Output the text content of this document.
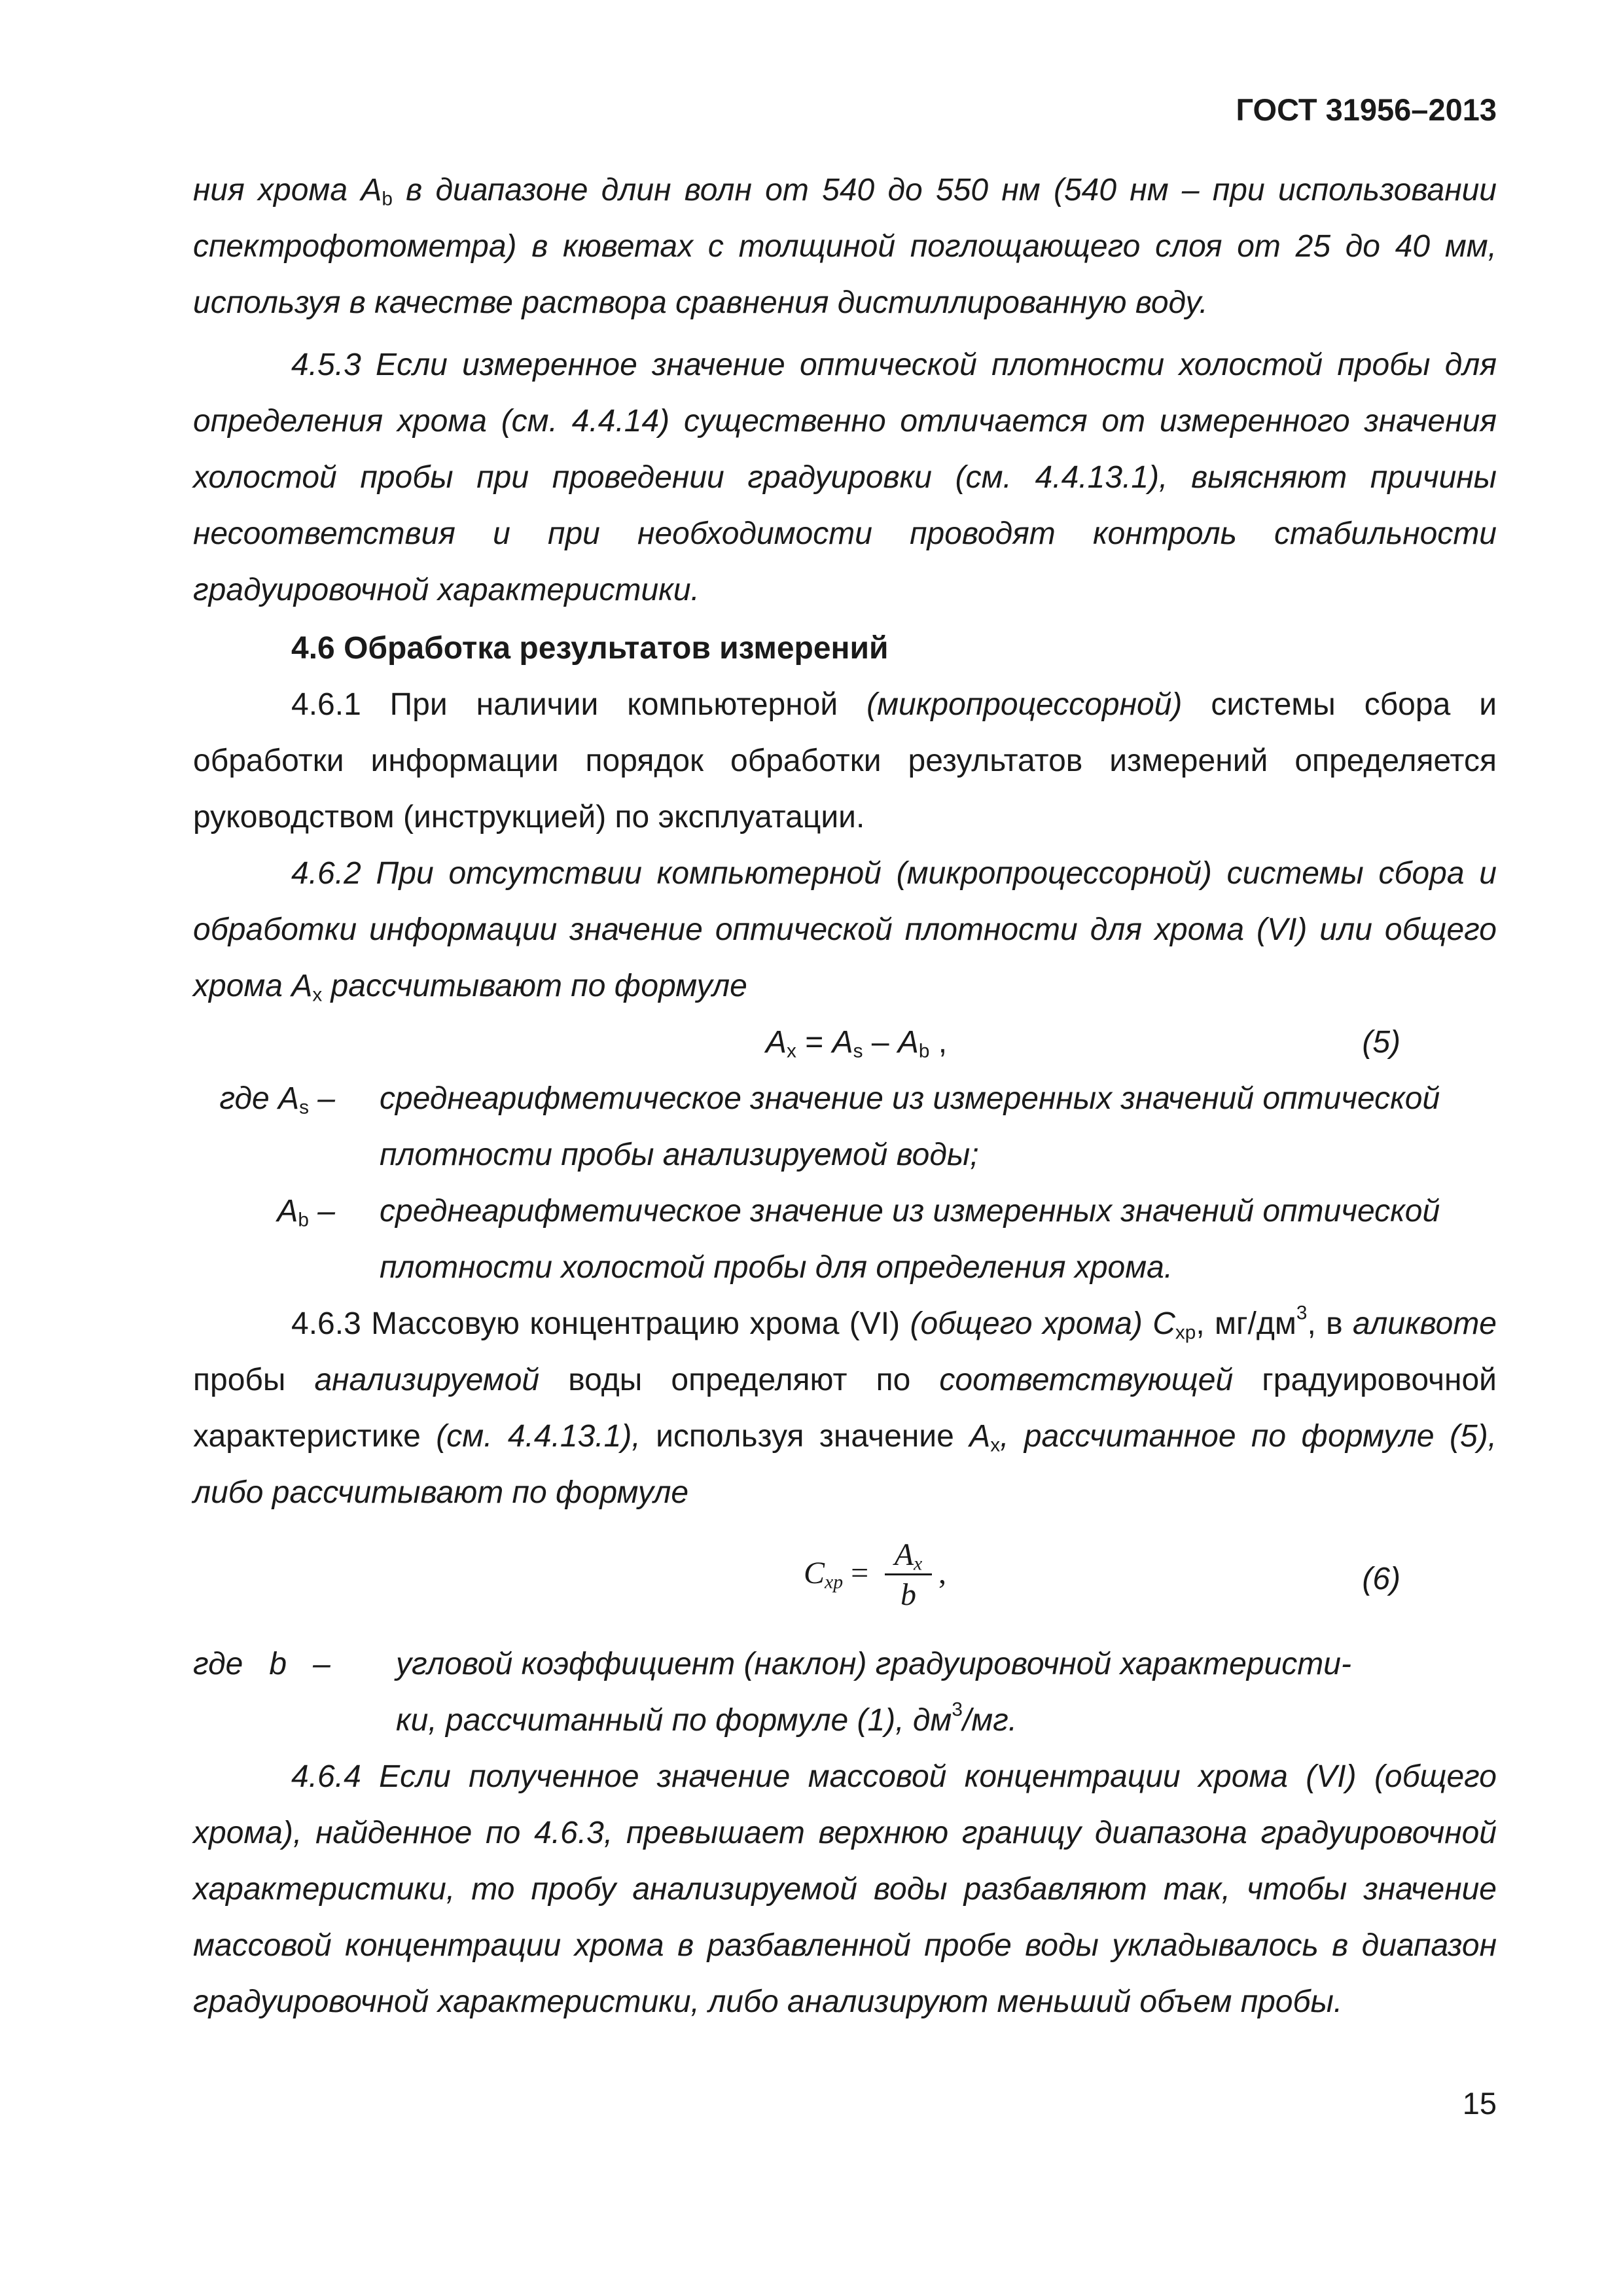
ГОСТ 31956–2013
ния хрома $A_b$ в диапазоне длин волн от 540 до 550 нм (540 нм – при использовании спектрофотометра) в кюветах с толщиной поглощающего слоя от 25 до 40 мм, используя в качестве раствора сравнения дистиллированную воду.
4.5.3 Если измеренное значение оптической плотности холостой пробы для определения хрома (см. 4.4.14) существенно отличается от измеренного значения холостой пробы при проведении градуировки (см. 4.4.13.1), выясняют причины несоответствия и при необходимости проводят контроль стабильности градуировочной характеристики.
4.6 Обработка результатов измерений
4.6.1 При наличии компьютерной (микропроцессорной) системы сбора и обработки информации порядок обработки результатов измерений определяется руководством (инструкцией) по эксплуатации.
4.6.2 При отсутствии компьютерной (микропроцессорной) системы сбора и обработки информации значение оптической плотности для хрома (VI) или общего хрома $A_x$ рассчитывают по формуле
$A_x = A_s - A_b$ ,	(5)
где $A_s$ – среднеарифметическое значение из измеренных значений оптической плотности пробы анализируемой воды;
$A_b$ – среднеарифметическое значение из измеренных значений оптической плотности холостой пробы для определения хрома.
4.6.3 Массовую концентрацию хрома (VI) (общего хрома) $C_{хр}$, $мг/дм^3$, в аликвоте пробы анализируемой воды определяют по соответствующей градуировочной характеристике (см. 4.4.13.1), используя значение $A_x$, рассчитанное по формуле (5), либо рассчитывают по формуле
$C_{xp}$ =
$A_x$
b
,	(6)
где   b   – угловой коэффициент (наклон) градуировочной характеристи-
ки, рассчитанный по формуле (1), $дм^3/мг$.
4.6.4 Если полученное значение массовой концентрации хрома (VI) (общего хрома), найденное по 4.6.3, превышает верхнюю границу диапазона градуировочной характеристики, то пробу анализируемой воды разбавляют так, чтобы значение массовой концентрации хрома в разбавленной пробе воды укладывалось в диапазон градуировочной характеристики, либо анализируют меньший объем пробы.
15
